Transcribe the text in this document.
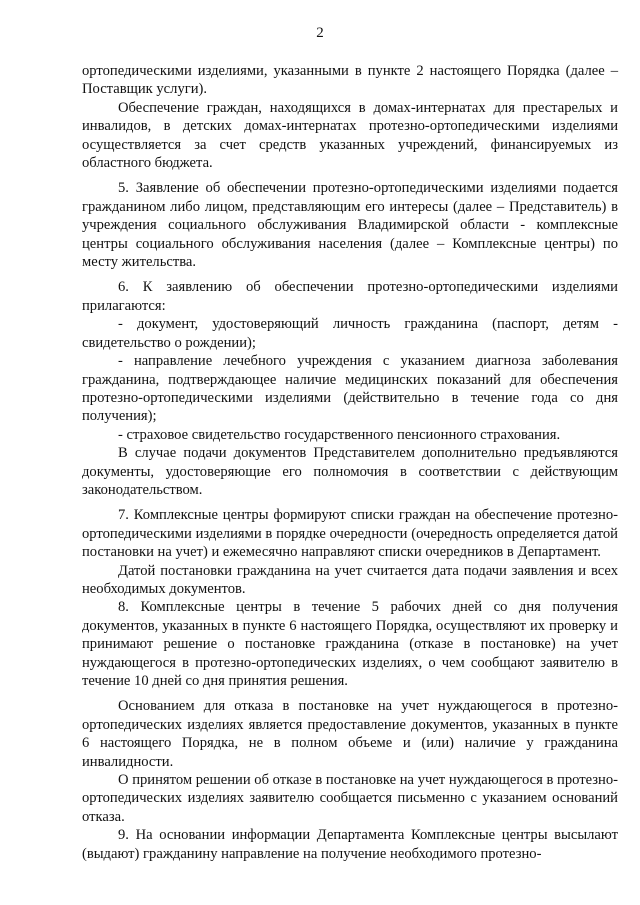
2

ортопедическими изделиями, указанными в пункте 2 настоящего Порядка (далее – Поставщик услуги).

Обеспечение граждан, находящихся в домах-интернатах для престарелых и инвалидов, в детских домах-интернатах протезно-ортопедическими изделиями осуществляется за счет средств указанных учреждений, финансируемых из областного бюджета.

5. Заявление об обеспечении протезно-ортопедическими изделиями подается гражданином либо лицом, представляющим его интересы (далее – Представитель) в учреждения социального обслуживания Владимирской области - комплексные центры социального обслуживания населения (далее – Комплексные центры) по месту жительства.

6. К заявлению об обеспечении протезно-ортопедическими изделиями прилагаются:

- документ, удостоверяющий личность гражданина (паспорт, детям - свидетельство о рождении);

- направление лечебного учреждения с указанием диагноза заболевания гражданина, подтверждающее наличие медицинских показаний для обеспечения протезно-ортопедическими изделиями (действительно в течение года со дня получения);

- страховое свидетельство государственного пенсионного страхования.

В случае подачи документов Представителем дополнительно предъявляются документы, удостоверяющие его полномочия в соответствии с действующим законодательством.

7. Комплексные центры формируют списки граждан на обеспечение протезно-ортопедическими изделиями в порядке очередности (очередность определяется датой постановки на учет) и ежемесячно направляют списки очередников в Департамент.

Датой постановки гражданина на учет считается дата подачи заявления и всех необходимых документов.

8. Комплексные центры в течение 5 рабочих дней со дня получения документов, указанных в пункте 6 настоящего Порядка, осуществляют их проверку и принимают решение о постановке гражданина (отказе в постановке) на учет нуждающегося в протезно-ортопедических изделиях, о чем сообщают заявителю в течение 10 дней со дня принятия решения.

Основанием для отказа в постановке на учет нуждающегося в протезно-ортопедических изделиях является предоставление документов, указанных в пункте 6 настоящего Порядка, не в полном объеме и (или) наличие у гражданина инвалидности.

О принятом решении об отказе в постановке на учет нуждающегося в протезно-ортопедических изделиях заявителю сообщается письменно с указанием оснований отказа.

9. На основании информации Департамента Комплексные центры высылают (выдают) гражданину направление на получение необходимого протезно-
